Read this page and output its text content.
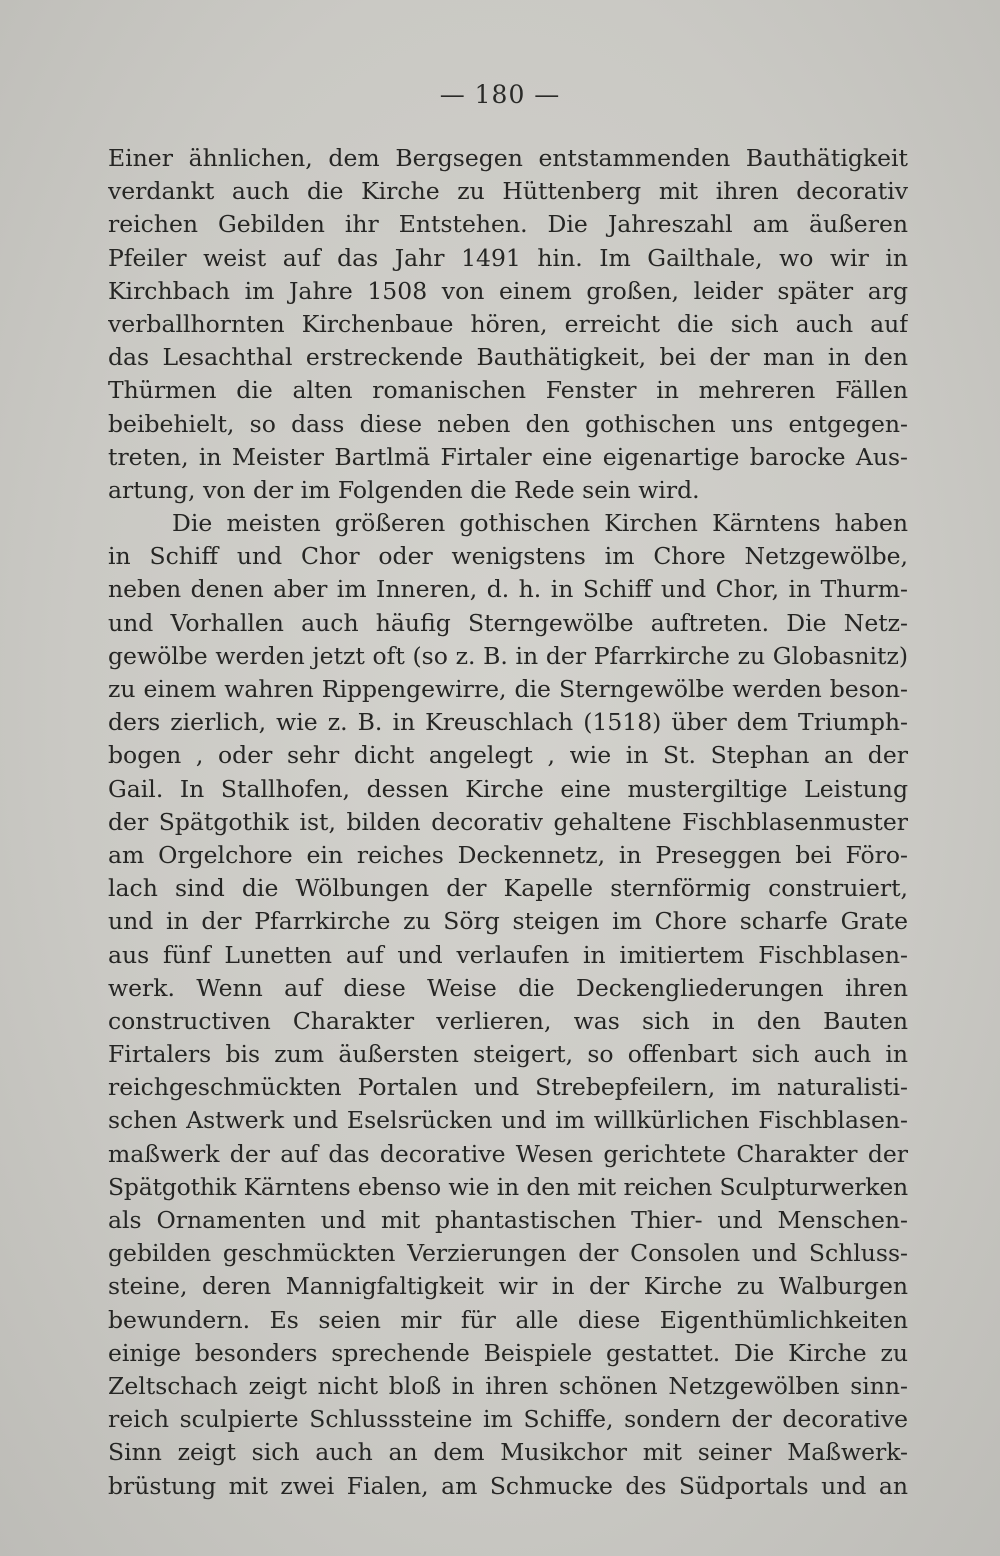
— 180 —
Einer ähnlichen, dem Bergsegen entstammenden Bauthätigkeit
verdankt auch die Kirche zu Hüttenberg mit ihren decorativ
reichen Gebilden ihr Entstehen. Die Jahreszahl am äußeren
Pfeiler weist auf das Jahr 1491 hin. Im Gailthale, wo wir in
Kirchbach im Jahre 1508 von einem großen, leider später arg
verballhornten Kirchenbaue hören, erreicht die sich auch auf
das Lesachthal erstreckende Bauthätigkeit, bei der man in den
Thürmen die alten romanischen Fenster in mehreren Fällen
beibehielt, so dass diese neben den gothischen uns entgegen-
treten, in Meister Bartlmä Firtaler eine eigenartige barocke Aus-
artung, von der im Folgenden die Rede sein wird.
Die meisten größeren gothischen Kirchen Kärntens haben
in Schiff und Chor oder wenigstens im Chore Netzgewölbe,
neben denen aber im Inneren, d. h. in Schiff und Chor, in Thurm-
und Vorhallen auch häufig Sterngewölbe auftreten. Die Netz-
gewölbe werden jetzt oft (so z. B. in der Pfarrkirche zu Globasnitz)
zu einem wahren Rippengewirre, die Sterngewölbe werden beson-
ders zierlich, wie z. B. in Kreuschlach (1518) über dem Triumph-
bogen , oder sehr dicht angelegt , wie in St. Stephan an der
Gail. In Stallhofen, dessen Kirche eine mustergiltige Leistung
der Spätgothik ist, bilden decorativ gehaltene Fischblasenmuster
am Orgelchore ein reiches Deckennetz, in Preseggen bei Föro-
lach sind die Wölbungen der Kapelle sternförmig construiert,
und in der Pfarrkirche zu Sörg steigen im Chore scharfe Grate
aus fünf Lunetten auf und verlaufen in imitiertem Fischblasen-
werk. Wenn auf diese Weise die Deckengliederungen ihren
constructiven Charakter verlieren, was sich in den Bauten
Firtalers bis zum äußersten steigert, so offenbart sich auch in
reichgeschmückten Portalen und Strebepfeilern, im naturalisti-
schen Astwerk und Eselsrücken und im willkürlichen Fischblasen-
maßwerk der auf das decorative Wesen gerichtete Charakter der
Spätgothik Kärntens ebenso wie in den mit reichen Sculpturwerken
als Ornamenten und mit phantastischen Thier- und Menschen-
gebilden geschmückten Verzierungen der Consolen und Schluss-
steine, deren Mannigfaltigkeit wir in der Kirche zu Walburgen
bewundern. Es seien mir für alle diese Eigenthümlichkeiten
einige besonders sprechende Beispiele gestattet. Die Kirche zu
Zeltschach zeigt nicht bloß in ihren schönen Netzgewölben sinn-
reich sculpierte Schlusssteine im Schiffe, sondern der decorative
Sinn zeigt sich auch an dem Musikchor mit seiner Maßwerk-
brüstung mit zwei Fialen, am Schmucke des Südportals und an
